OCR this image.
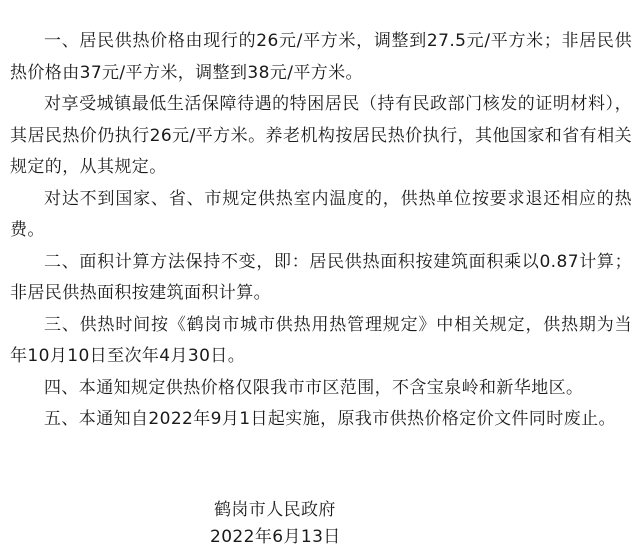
一、居民供热价格由现行的26元/平方米，调整到27.5元/平方米；非居民供热价格由37元/平方米，调整到38元/平方米。

对享受城镇最低生活保障待遇的特困居民（持有民政部门核发的证明材料），其居民热价仍执行26元/平方米。养老机构按居民热价执行，其他国家和省有相关规定的，从其规定。

对达不到国家、省、市规定供热室内温度的，供热单位按要求退还相应的热费。

二、面积计算方法保持不变，即：居民供热面积按建筑面积乘以0.87计算；非居民供热面积按建筑面积计算。

三、供热时间按《鹤岗市城市供热用热管理规定》中相关规定，供热期为当年10月10日至次年4月30日。

四、本通知规定供热价格仅限我市市区范围，不含宝泉岭和新华地区。

五、本通知自2022年9月1日起实施，原我市供热价格定价文件同时废止。

鹤岗市人民政府
2022年6月13日
